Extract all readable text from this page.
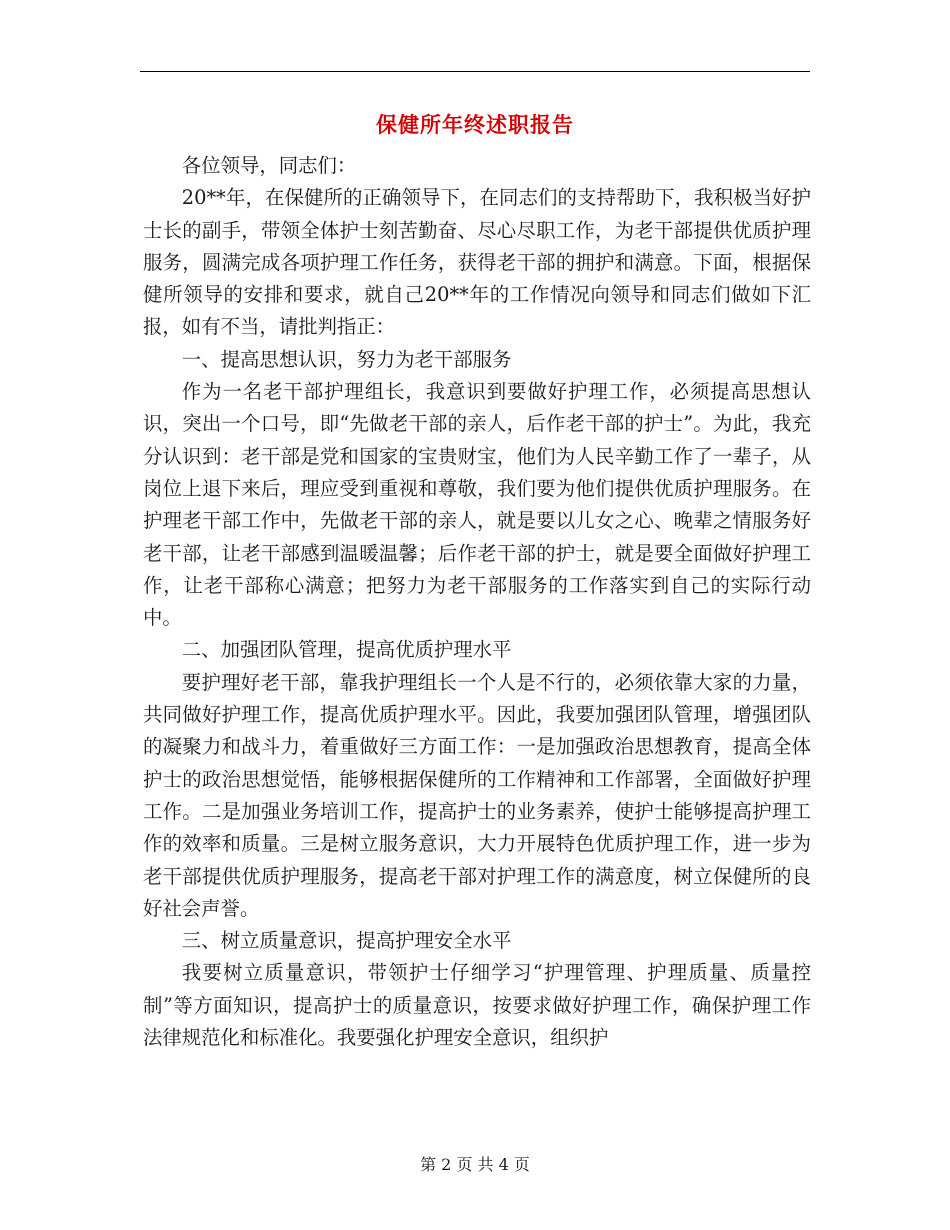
保健所年终述职报告

各位领导，同志们：

20**年，在保健所的正确领导下，在同志们的支持帮助下，我积极当好护士长的副手，带领全体护士刻苦勤奋、尽心尽职工作，为老干部提供优质护理服务，圆满完成各项护理工作任务，获得老干部的拥护和满意。下面，根据保健所领导的安排和要求，就自己20**年的工作情况向领导和同志们做如下汇报，如有不当，请批判指正：

一、提高思想认识，努力为老干部服务

作为一名老干部护理组长，我意识到要做好护理工作，必须提高思想认识，突出一个口号，即“先做老干部的亲人，后作老干部的护士”。为此，我充分认识到：老干部是党和国家的宝贵财宝，他们为人民辛勤工作了一辈子，从岗位上退下来后，理应受到重视和尊敬，我们要为他们提供优质护理服务。在护理老干部工作中，先做老干部的亲人，就是要以儿女之心、晚辈之情服务好老干部，让老干部感到温暖温馨；后作老干部的护士，就是要全面做好护理工作，让老干部称心满意；把努力为老干部服务的工作落实到自己的实际行动中。

二、加强团队管理，提高优质护理水平

要护理好老干部，靠我护理组长一个人是不行的，必须依靠大家的力量，共同做好护理工作，提高优质护理水平。因此，我要加强团队管理，增强团队的凝聚力和战斗力，着重做好三方面工作：一是加强政治思想教育，提高全体护士的政治思想觉悟，能够根据保健所的工作精神和工作部署，全面做好护理工作。二是加强业务培训工作，提高护士的业务素养，使护士能够提高护理工作的效率和质量。三是树立服务意识，大力开展特色优质护理工作，进一步为老干部提供优质护理服务，提高老干部对护理工作的满意度，树立保健所的良好社会声誉。

三、树立质量意识，提高护理安全水平

我要树立质量意识，带领护士仔细学习“护理管理、护理质量、质量控制”等方面知识，提高护士的质量意识，按要求做好护理工作，确保护理工作法律规范化和标准化。我要强化护理安全意识，组织护

第 2 页 共 4 页
